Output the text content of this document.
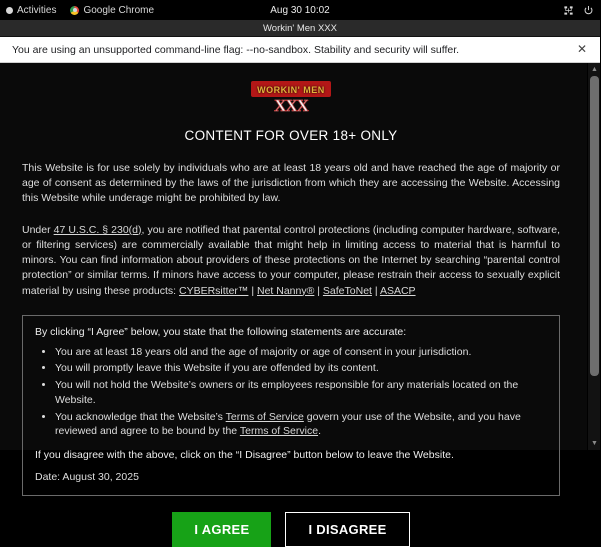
Activities	Google Chrome	Aug 30 10:02
Workin' Men XXX
You are using an unsupported command-line flag: --no-sandbox. Stability and security will suffer.	✕
WORKIN' MEN
XXX
CONTENT FOR OVER 18+ ONLY

This Website is for use solely by individuals who are at least 18 years old and have reached the age of majority or age of consent as determined by the laws of the jurisdiction from which they are accessing the Website. Accessing this Website while underage might be prohibited by law.

Under 47 U.S.C. § 230(d), you are notified that parental control protections (including computer hardware, software, or filtering services) are commercially available that might help in limiting access to material that is harmful to minors. You can find information about providers of these protections on the Internet by searching “parental control protection” or similar terms. If minors have access to your computer, please restrain their access to sexually explicit material by using these products: CYBERsitter™ | Net Nanny® | SafeToNet | ASACP

By clicking “I Agree” below, you state that the following statements are accurate:

• You are at least 18 years old and the age of majority or age of consent in your jurisdiction.
• You will promptly leave this Website if you are offended by its content.
• You will not hold the Website’s owners or its employees responsible for any materials located on the Website.
• You acknowledge that the Website’s Terms of Service govern your use of the Website, and you have reviewed and agree to be bound by the Terms of Service.

If you disagree with the above, click on the “I Disagree” button below to leave the Website.

Date: August 30, 2025

I AGREE	I DISAGREE
▲
▼
